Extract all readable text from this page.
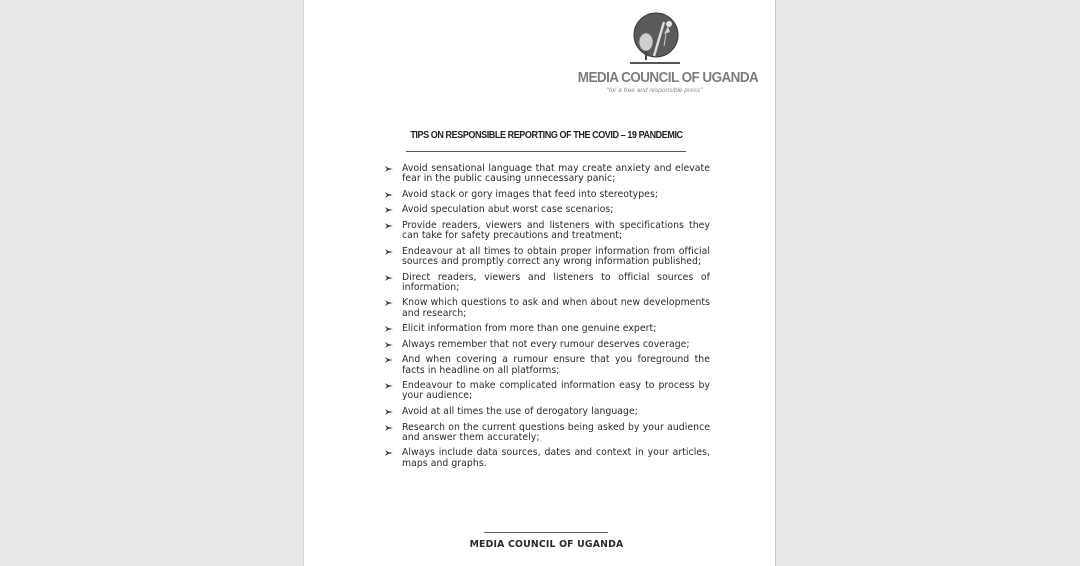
MEDIA COUNCIL OF UGANDA
"for a free and responsible press"
TIPS ON RESPONSIBLE REPORTING OF THE COVID – 19 PANDEMIC
Avoid sensational language that may create anxiety and elevate fear in the public causing unnecessary panic;
Avoid stack or gory images that feed into stereotypes;
Avoid speculation abut worst case scenarios;
Provide readers, viewers and listeners with specifications they can take for safety precautions and treatment;
Endeavour at all times to obtain proper information from official sources and promptly correct any wrong information published;
Direct readers, viewers and listeners to official sources of information;
Know which questions to ask and when about new developments and research;
Elicit information from more than one genuine expert;
Always remember that not every rumour deserves coverage;
And when covering a rumour ensure that you foreground the facts in headline on all platforms;
Endeavour to make complicated information easy to process by your audience;
Avoid at all times the use of derogatory language;
Research on the current questions being asked by your audience and answer them accurately;
Always include data sources, dates and context in your articles, maps and graphs.
MEDIA COUNCIL OF UGANDA
